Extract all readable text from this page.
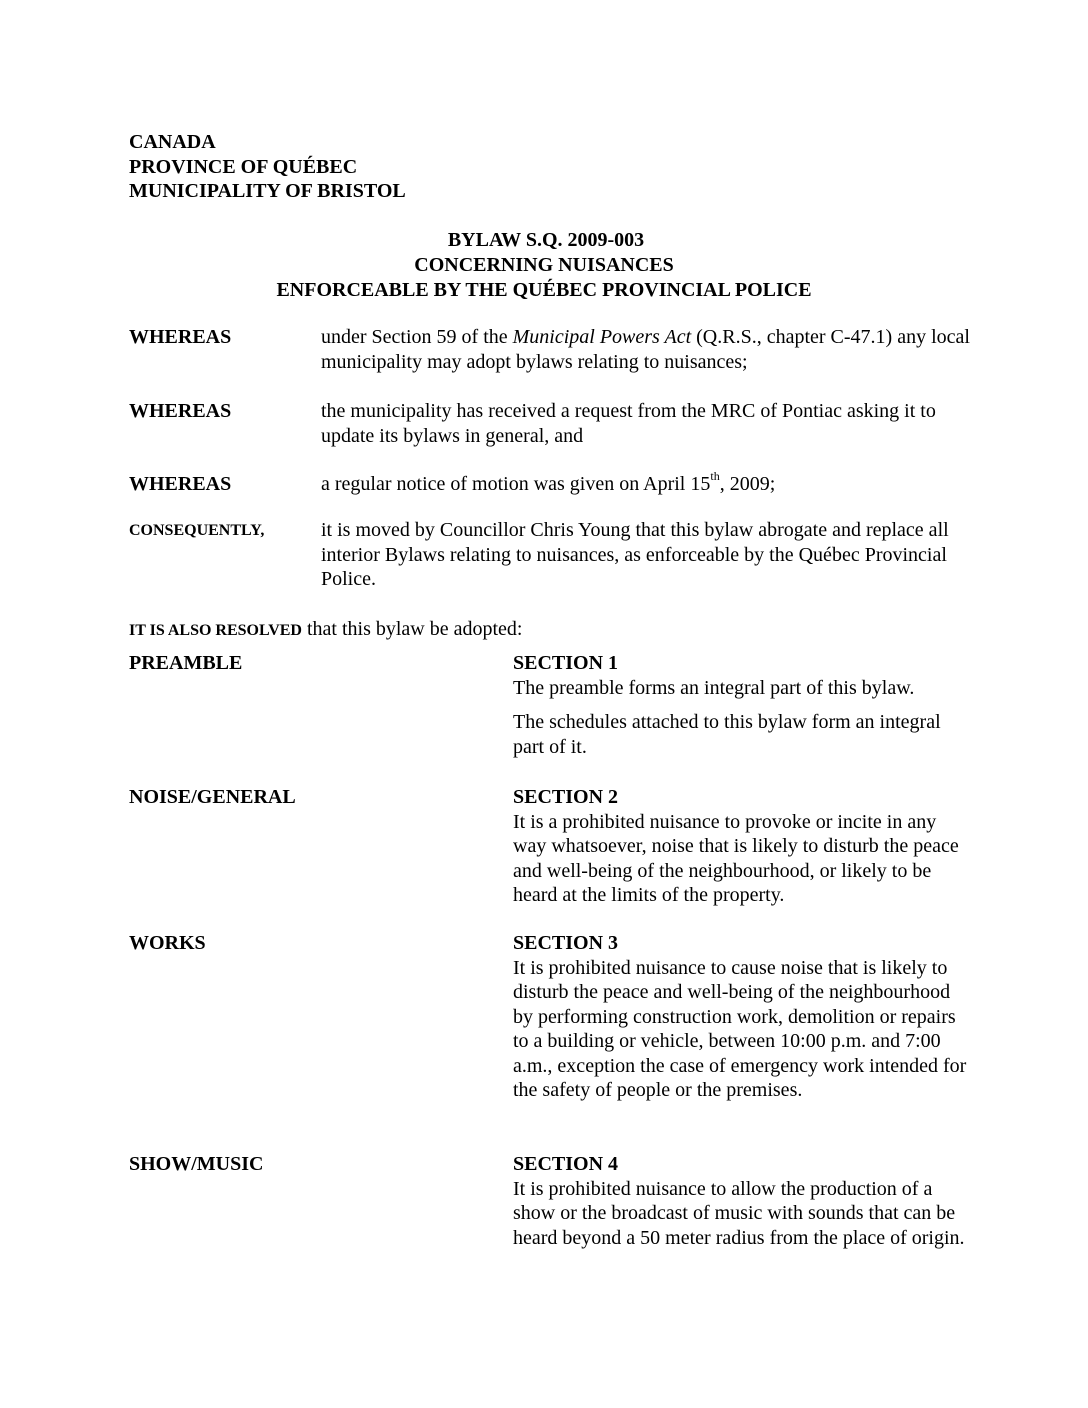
CANADA
PROVINCE OF QUÉBEC
MUNICIPALITY OF BRISTOL
BYLAW S.Q. 2009-003
CONCERNING NUISANCES
ENFORCEABLE BY THE QUÉBEC PROVINCIAL POLICE
WHEREAS	under Section 59 of the Municipal Powers Act (Q.R.S., chapter C-47.1) any local municipality may adopt bylaws relating to nuisances;
WHEREAS	the municipality has received a request from the MRC of Pontiac asking it to update its bylaws in general, and
WHEREAS	a regular notice of motion was given on April 15th, 2009;
CONSEQUENTLY,	it is moved by Councillor Chris Young that this bylaw abrogate and replace all interior Bylaws relating to nuisances, as enforceable by the Québec Provincial Police.
IT IS ALSO RESOLVED that this bylaw be adopted:
PREAMBLE	SECTION 1

The preamble forms an integral part of this bylaw.

The schedules attached to this bylaw form an integral part of it.

NOISE/GENERAL	SECTION 2

It is a prohibited nuisance to provoke or incite in any way whatsoever, noise that is likely to disturb the peace and well-being of the neighbourhood, or likely to be heard at the limits of the property.

WORKS	SECTION 3

It is prohibited nuisance to cause noise that is likely to disturb the peace and well-being of the neighbourhood by performing construction work, demolition or repairs to a building or vehicle, between 10:00 p.m. and 7:00 a.m., exception the case of emergency work intended for the safety of people or the premises.

SHOW/MUSIC	SECTION 4

It is prohibited nuisance to allow the production of a show or the broadcast of music with sounds that can be heard beyond a 50 meter radius from the place of origin.
